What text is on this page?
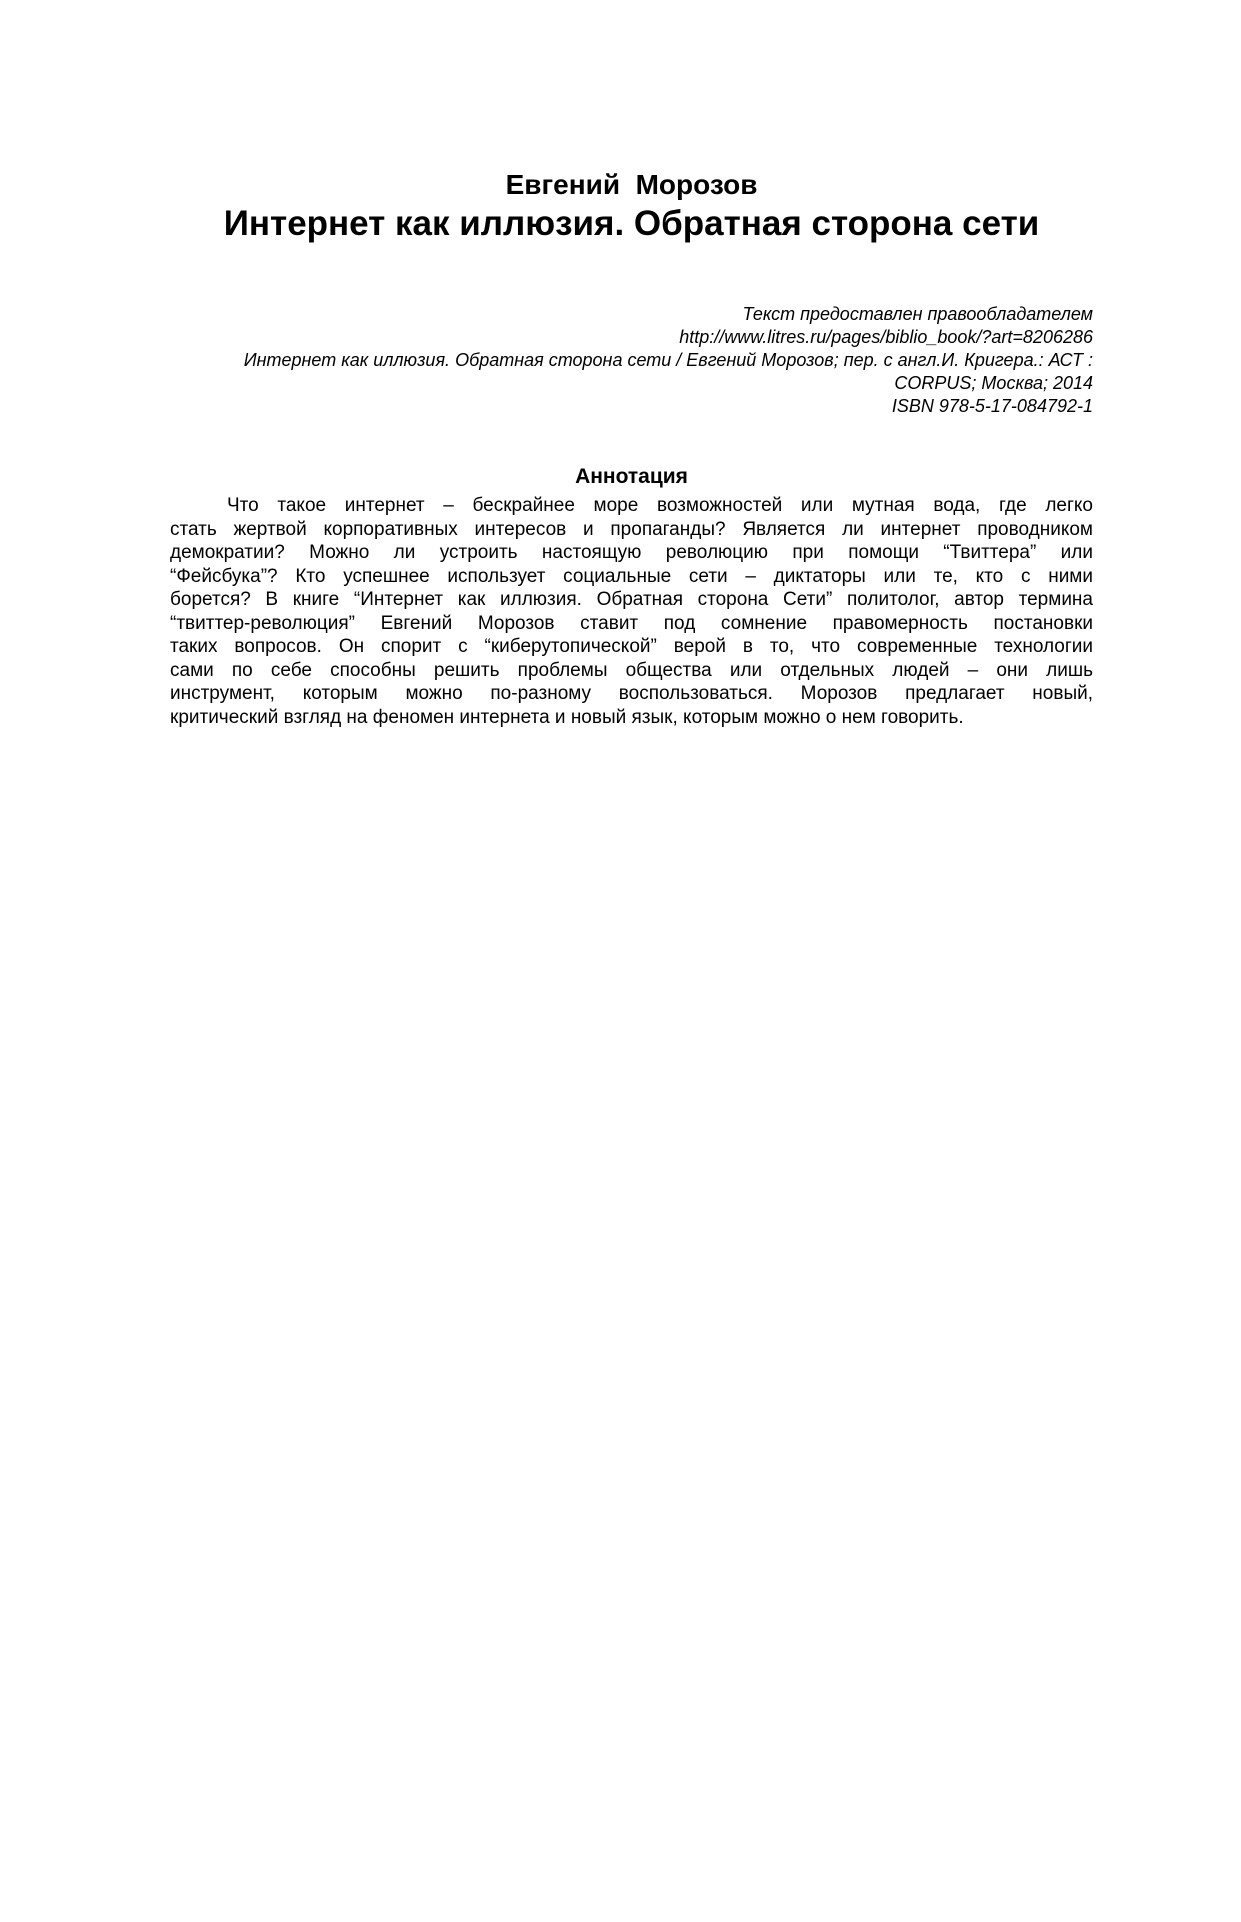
Евгений  Морозов
Интернет как иллюзия. Обратная сторона сети
Текст предоставлен правообладателем
http://www.litres.ru/pages/biblio_book/?art=8206286
Интернет как иллюзия. Обратная сторона сети / Евгений Морозов; пер. с англ.И. Кригера.: АСТ :
CORPUS; Москва; 2014
ISBN 978-5-17-084792-1
Аннотация
Что такое интернет – бескрайнее море возможностей или мутная вода, где легко
стать жертвой корпоративных интересов и пропаганды? Является ли интернет проводником
демократии? Можно ли устроить настоящую революцию при помощи “Твиттера” или
“Фейсбука”? Кто успешнее использует социальные сети – диктаторы или те, кто с ними
борется? В книге “Интернет как иллюзия. Обратная сторона Сети” политолог, автор термина
“твиттер-революция” Евгений Морозов ставит под сомнение правомерность постановки
таких вопросов. Он спорит с “киберутопической” верой в то, что современные технологии
сами по себе способны решить проблемы общества или отдельных людей – они лишь
инструмент, которым можно по-разному воспользоваться. Морозов предлагает новый,
критический взгляд на феномен интернета и новый язык, которым можно о нем говорить.
